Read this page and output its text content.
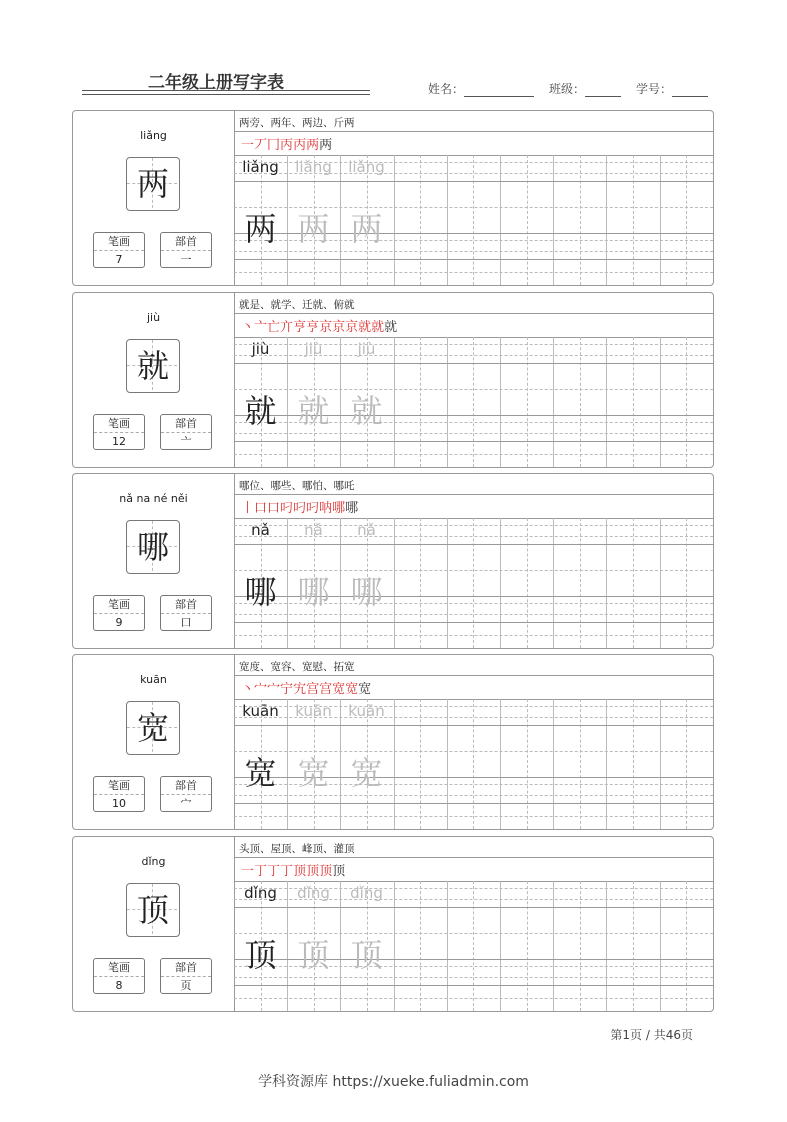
二年级上册写字表	姓名：	班级：	学号：
liǎng
两
笔画
7
部首
一
两旁、两年、两边、斤两
一丆冂丙丙两两
liǎng	liǎng	liǎng
两 两 两
jiù
就
笔画
12
部首
亠
就是、就学、迁就、俯就
丶亠亡亣亨亨京京京就就就
jiù	jiù	jiù
就 就 就
nǎ na né něi
哪
笔画
9
部首
口
哪位、哪些、哪怕、哪吒
丨口口叼叼叼呐哪哪
nǎ	nǎ	nǎ
哪 哪 哪
kuān
宽
笔画
10
部首
宀
宽度、宽容、宽慰、拓宽
丶宀宀宁宄宫宫宽宽宽
kuān	kuān	kuān
宽 宽 宽
dǐng
顶
笔画
8
部首
页
头顶、屋顶、峰顶、灌顶
一丁丁丁顶顶顶顶
dǐng	dǐng	dǐng
顶 顶 顶
第1页 / 共46页
学科资源库 https://xueke.fuliadmin.com
